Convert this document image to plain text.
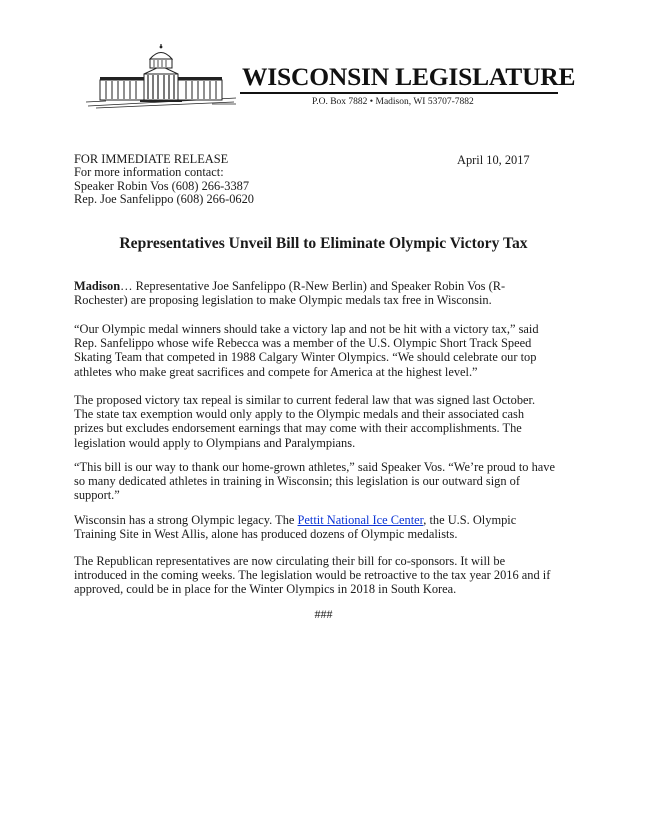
WISCONSIN LEGISLATURE
P.O. Box 7882 • Madison, WI 53707-7882
FOR IMMEDIATE RELEASE
For more information contact:
Speaker Robin Vos (608) 266-3387
Rep. Joe Sanfelippo (608) 266-0620
April 10, 2017
Representatives Unveil Bill to Eliminate Olympic Victory Tax
Madison… Representative Joe Sanfelippo (R-New Berlin) and Speaker Robin Vos (R-
Rochester) are proposing legislation to make Olympic medals tax free in Wisconsin.
“Our Olympic medal winners should take a victory lap and not be hit with a victory tax,” said
Rep. Sanfelippo whose wife Rebecca was a member of the U.S. Olympic Short Track Speed
Skating Team that competed in 1988 Calgary Winter Olympics. “We should celebrate our top
athletes who make great sacrifices and compete for America at the highest level.”
The proposed victory tax repeal is similar to current federal law that was signed last October.
The state tax exemption would only apply to the Olympic medals and their associated cash
prizes but excludes endorsement earnings that may come with their accomplishments. The
legislation would apply to Olympians and Paralympians.
“This bill is our way to thank our home-grown athletes,” said Speaker Vos. “We’re proud to have
so many dedicated athletes in training in Wisconsin; this legislation is our outward sign of
support.”
Wisconsin has a strong Olympic legacy. The Pettit National Ice Center, the U.S. Olympic
Training Site in West Allis, alone has produced dozens of Olympic medalists.
The Republican representatives are now circulating their bill for co-sponsors. It will be
introduced in the coming weeks. The legislation would be retroactive to the tax year 2016 and if
approved, could be in place for the Winter Olympics in 2018 in South Korea.
###
